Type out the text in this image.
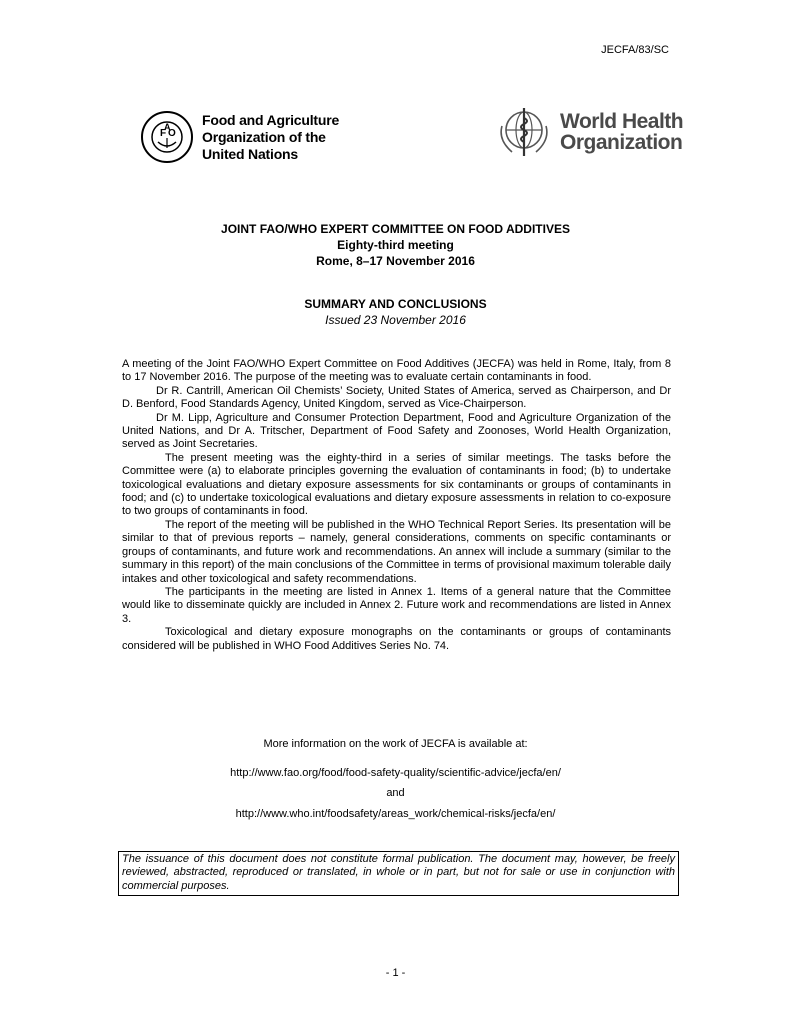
JECFA/83/SC
F O
A Food and Agriculture
Organization of the
United Nations
World Health
Organization
JOINT FAO/WHO EXPERT COMMITTEE ON FOOD ADDITIVES
Eighty-third meeting
Rome, 8–17 November 2016
SUMMARY AND CONCLUSIONS
Issued 23 November 2016

A meeting of the Joint FAO/WHO Expert Committee on Food Additives (JECFA) was held in Rome, Italy, from 8 to 17 November 2016. The purpose of the meeting was to evaluate certain contaminants in food.

Dr R. Cantrill, American Oil Chemists’ Society, United States of America, served as Chairperson, and Dr D. Benford, Food Standards Agency, United Kingdom, served as Vice-Chairperson.

Dr M. Lipp, Agriculture and Consumer Protection Department, Food and Agriculture Organization of the United Nations, and Dr A. Tritscher, Department of Food Safety and Zoonoses, World Health Organization, served as Joint Secretaries.

The present meeting was the eighty-third in a series of similar meetings. The tasks before the Committee were (a) to elaborate principles governing the evaluation of contaminants in food; (b) to undertake toxicological evaluations and dietary exposure assessments for six contaminants or groups of contaminants in food; and (c) to undertake toxicological evaluations and dietary exposure assessments in relation to co-exposure to two groups of contaminants in food.

The report of the meeting will be published in the WHO Technical Report Series. Its presentation will be similar to that of previous reports – namely, general considerations, comments on specific contaminants or groups of contaminants, and future work and recommendations. An annex will include a summary (similar to the summary in this report) of the main conclusions of the Committee in terms of provisional maximum tolerable daily intakes and other toxicological and safety recommendations.

The participants in the meeting are listed in Annex 1. Items of a general nature that the Committee would like to disseminate quickly are included in Annex 2. Future work and recommendations are listed in Annex 3.

Toxicological and dietary exposure monographs on the contaminants or groups of contaminants considered will be published in WHO Food Additives Series No. 74.

More information on the work of JECFA is available at:
http://www.fao.org/food/food-safety-quality/scientific-advice/jecfa/en/
and
http://www.who.int/foodsafety/areas_work/chemical-risks/jecfa/en/
The issuance of this document does not constitute formal publication. The document may, however, be freely reviewed, abstracted, reproduced or translated, in whole or in part, but not for sale or use in conjunction with commercial purposes.
- 1 -
